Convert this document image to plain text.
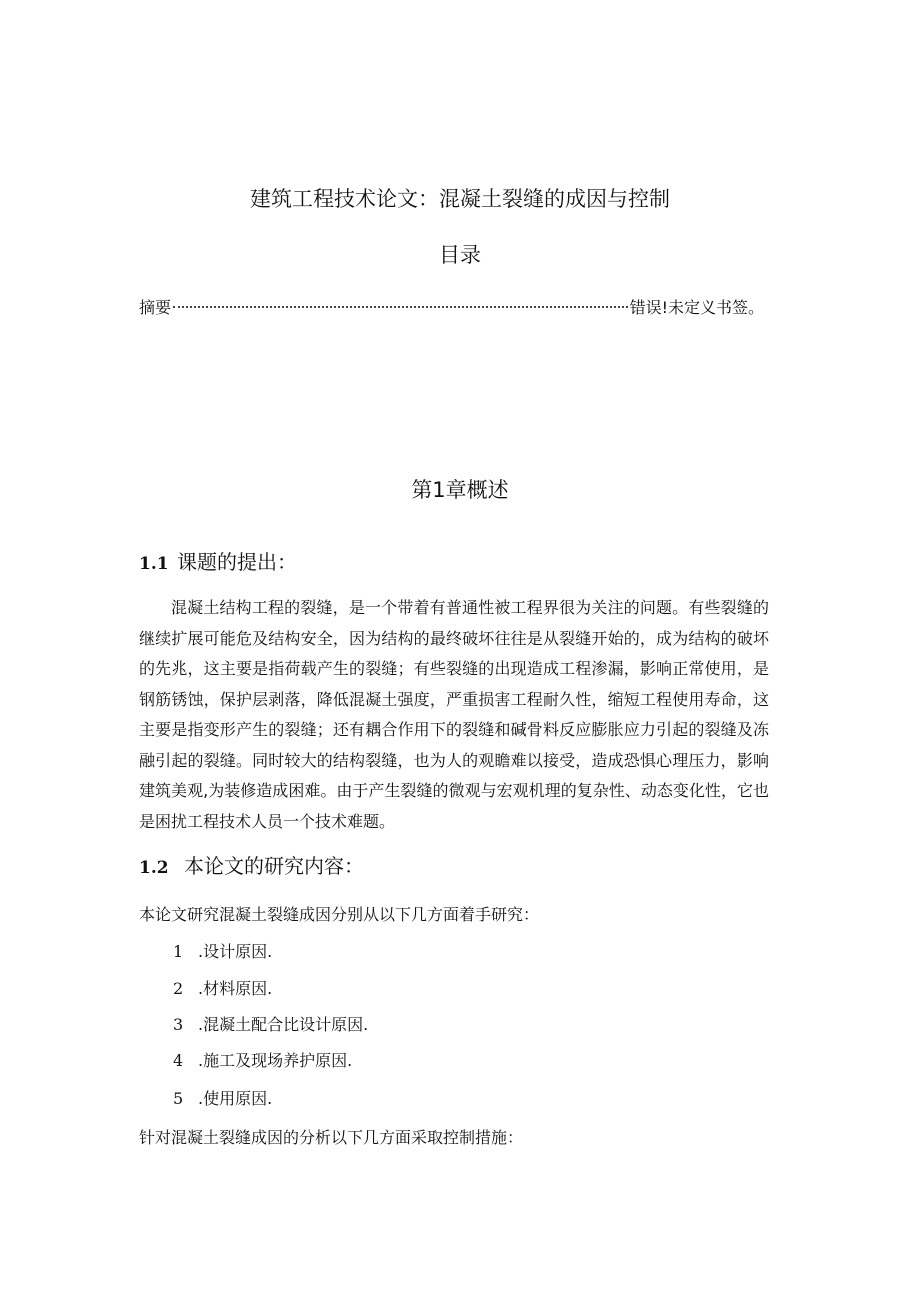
建筑工程技术论文：混凝土裂缝的成因与控制
目录
摘要	错误!未定义书签。
第1章概述
1.1 课题的提出：

混凝土结构工程的裂缝，是一个带着有普通性被工程界很为关注的问题。有些裂缝的继续扩展可能危及结构安全，因为结构的最终破坏往往是从裂缝开始的，成为结构的破坏的先兆，这主要是指荷载产生的裂缝；有些裂缝的出现造成工程渗漏，影响正常使用，是钢筋锈蚀，保护层剥落，降低混凝土强度，严重损害工程耐久性，缩短工程使用寿命，这主要是指变形产生的裂缝；还有耦合作用下的裂缝和碱骨料反应膨胀应力引起的裂缝及冻融引起的裂缝。同时较大的结构裂缝，也为人的观瞻难以接受，造成恐惧心理压力，影响建筑美观,为装修造成困难。由于产生裂缝的微观与宏观机理的复杂性、动态变化性，它也是困扰工程技术人员一个技术难题。

1.2 本论文的研究内容：

本论文研究混凝土裂缝成因分别从以下几方面着手研究：

1 .设计原因.
2 .材料原因.
3 .混凝土配合比设计原因.
4 .施工及现场养护原因.
5 .使用原因.

针对混凝土裂缝成因的分析以下几方面采取控制措施：
